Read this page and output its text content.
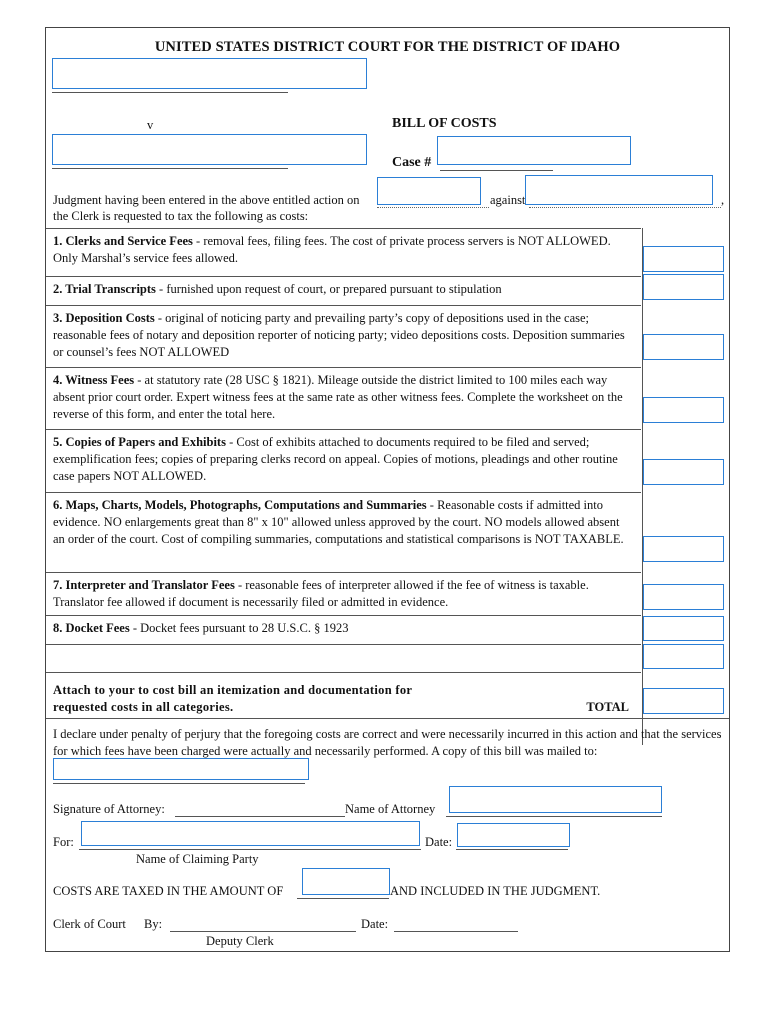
UNITED STATES DISTRICT COURT FOR THE DISTRICT OF IDAHO
v	BILL OF COSTS
Case #
Judgment having been entered in the above entitled action on	against	,
the Clerk is requested to tax the following as costs:
1. Clerks and Service Fees - removal fees, filing fees. The cost of private process servers is NOT ALLOWED. Only Marshal’s service fees allowed.
2. Trial Transcripts - furnished upon request of court, or prepared pursuant to stipulation
3. Deposition Costs - original of noticing party and prevailing party’s copy of depositions used in the case; reasonable fees of notary and deposition reporter of noticing party; video depositions costs. Deposition summaries or counsel’s fees NOT ALLOWED
4. Witness Fees - at statutory rate (28 USC § 1821). Mileage outside the district limited to 100 miles each way absent prior court order. Expert witness fees at the same rate as other witness fees. Complete the worksheet on the reverse of this form, and enter the total here.
5. Copies of Papers and Exhibits - Cost of exhibits attached to documents required to be filed and served; exemplification fees; copies of preparing clerks record on appeal. Copies of motions, pleadings and other routine case papers NOT ALLOWED.
6. Maps, Charts, Models, Photographs, Computations and Summaries - Reasonable costs if admitted into evidence. NO enlargements great than 8" x 10" allowed unless approved by the court. NO models allowed absent an order of the court. Cost of compiling summaries, computations and statistical comparisons is NOT TAXABLE.
7. Interpreter and Translator Fees - reasonable fees of interpreter allowed if the fee of witness is taxable. Translator fee allowed if document is necessarily filed or admitted in evidence.
8. Docket Fees - Docket fees pursuant to 28 U.S.C. § 1923
Attach to your to cost bill an itemization and documentation for
requested costs in all categories.	TOTAL
I declare under penalty of perjury that the foregoing costs are correct and were necessarily incurred in this action and that the services for which fees have been charged were actually and necessarily performed. A copy of this bill was mailed to:
Signature of Attorney:	Name of Attorney
For:	Date:
Name of Claiming Party
COSTS ARE TAXED IN THE AMOUNT OF	AND INCLUDED IN THE JUDGMENT.
Clerk of Court By:	Date:
Deputy Clerk
